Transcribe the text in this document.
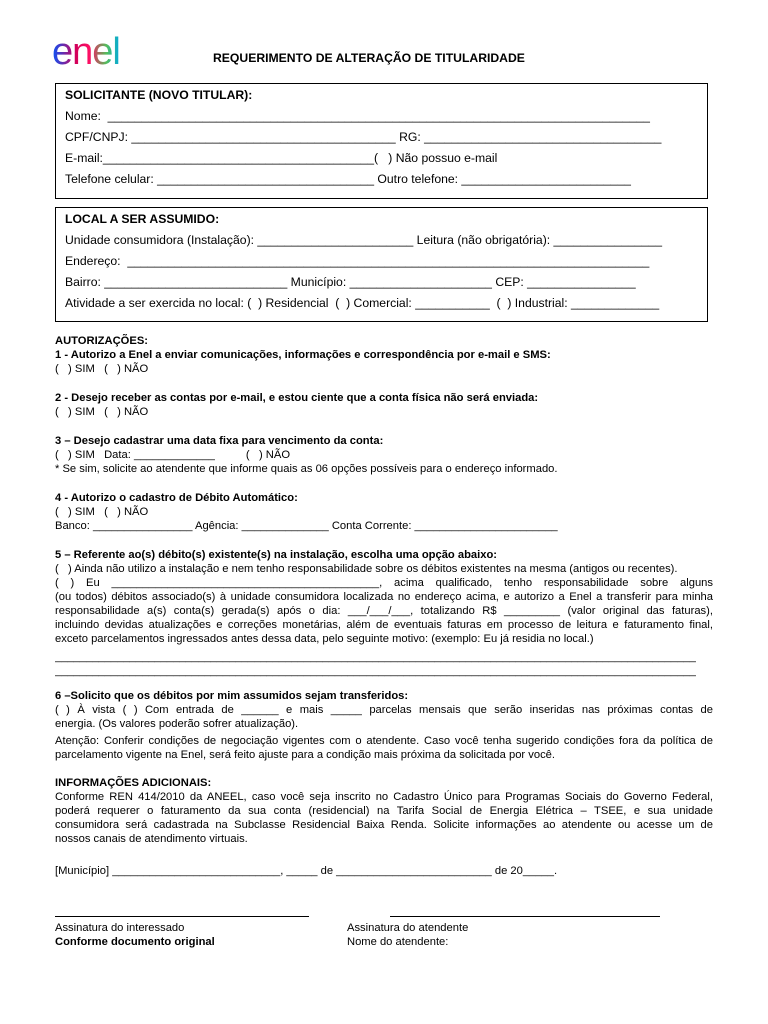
enel	REQUERIMENTO DE ALTERAÇÃO DE TITULARIDADE
SOLICITANTE (NOVO TITULAR):
Nome:  ________________________________________________________________________________
CPF/CNPJ: _______________________________________ RG: ___________________________________
E-mail:________________________________________(   ) Não possuo e-mail
Telefone celular: ________________________________ Outro telefone: _________________________
LOCAL A SER ASSUMIDO:
Unidade consumidora (Instalação): _______________________ Leitura (não obrigatória): ________________
Endereço:  _____________________________________________________________________________
Bairro: ___________________________ Município: _____________________ CEP: ________________
Atividade a ser exercida no local: (  ) Residencial  (  ) Comercial: ___________  (  ) Industrial: _____________
AUTORIZAÇÕES:
1 - Autorizo a Enel a enviar comunicações, informações e correspondência por e-mail e SMS:
(   ) SIM   (   ) NÃO
2 - Desejo receber as contas por e-mail, e estou ciente que a conta física não será enviada:
(   ) SIM   (   ) NÃO
3 – Desejo cadastrar uma data fixa para vencimento da conta:
(   ) SIM   Data: _____________          (   ) NÃO
* Se sim, solicite ao atendente que informe quais as 06 opções possíveis para o endereço informado.
4 - Autorizo o cadastro de Débito Automático:
(   ) SIM   (   ) NÃO
Banco: ________________ Agência: ______________ Conta Corrente: _______________________
5 – Referente ao(s) débito(s) existente(s) na instalação, escolha uma opção abaixo:
(   ) Ainda não utilizo a instalação e nem tenho responsabilidade sobre os débitos existentes na mesma (antigos ou recentes).
( ) Eu ___________________________________________, acima qualificado, tenho responsabilidade sobre alguns
(ou todos) débitos associado(s) à unidade consumidora localizada no endereço acima, e autorizo a Enel a transferir para minha
responsabilidade a(s) conta(s) gerada(s) após o dia: ___/___/___, totalizando R$ _________ (valor original das faturas),
incluindo devidas atualizações e correções monetárias, além de eventuais faturas em processo de leitura e faturamento final,
exceto parcelamentos ingressados antes dessa data, pelo seguinte motivo: (exemplo: Eu já residia no local.)
_______________________________________________________________________________________________________
_______________________________________________________________________________________________________
6 –Solicito que os débitos por mim assumidos sejam transferidos:
( ) À vista ( ) Com entrada de ______ e mais _____ parcelas mensais que serão inseridas nas próximas contas de
energia. (Os valores poderão sofrer atualização).
Atenção: Conferir condições de negociação vigentes com o atendente. Caso você tenha sugerido condições fora da política de
parcelamento vigente na Enel, será feito ajuste para a condição mais próxima da solicitada por você.
INFORMAÇÕES ADICIONAIS:
Conforme REN 414/2010 da ANEEL, caso você seja inscrito no Cadastro Único para Programas Sociais do Governo Federal,
poderá requerer o faturamento da sua conta (residencial) na Tarifa Social de Energia Elétrica – TSEE, e sua unidade
consumidora será cadastrada na Subclasse Residencial Baixa Renda. Solicite informações ao atendente ou acesse um de
nossos canais de atendimento virtuais.
[Município] ___________________________, _____ de _________________________ de 20_____.
Assinatura do interessado
Conforme documento original
Assinatura do atendente
Nome do atendente:
